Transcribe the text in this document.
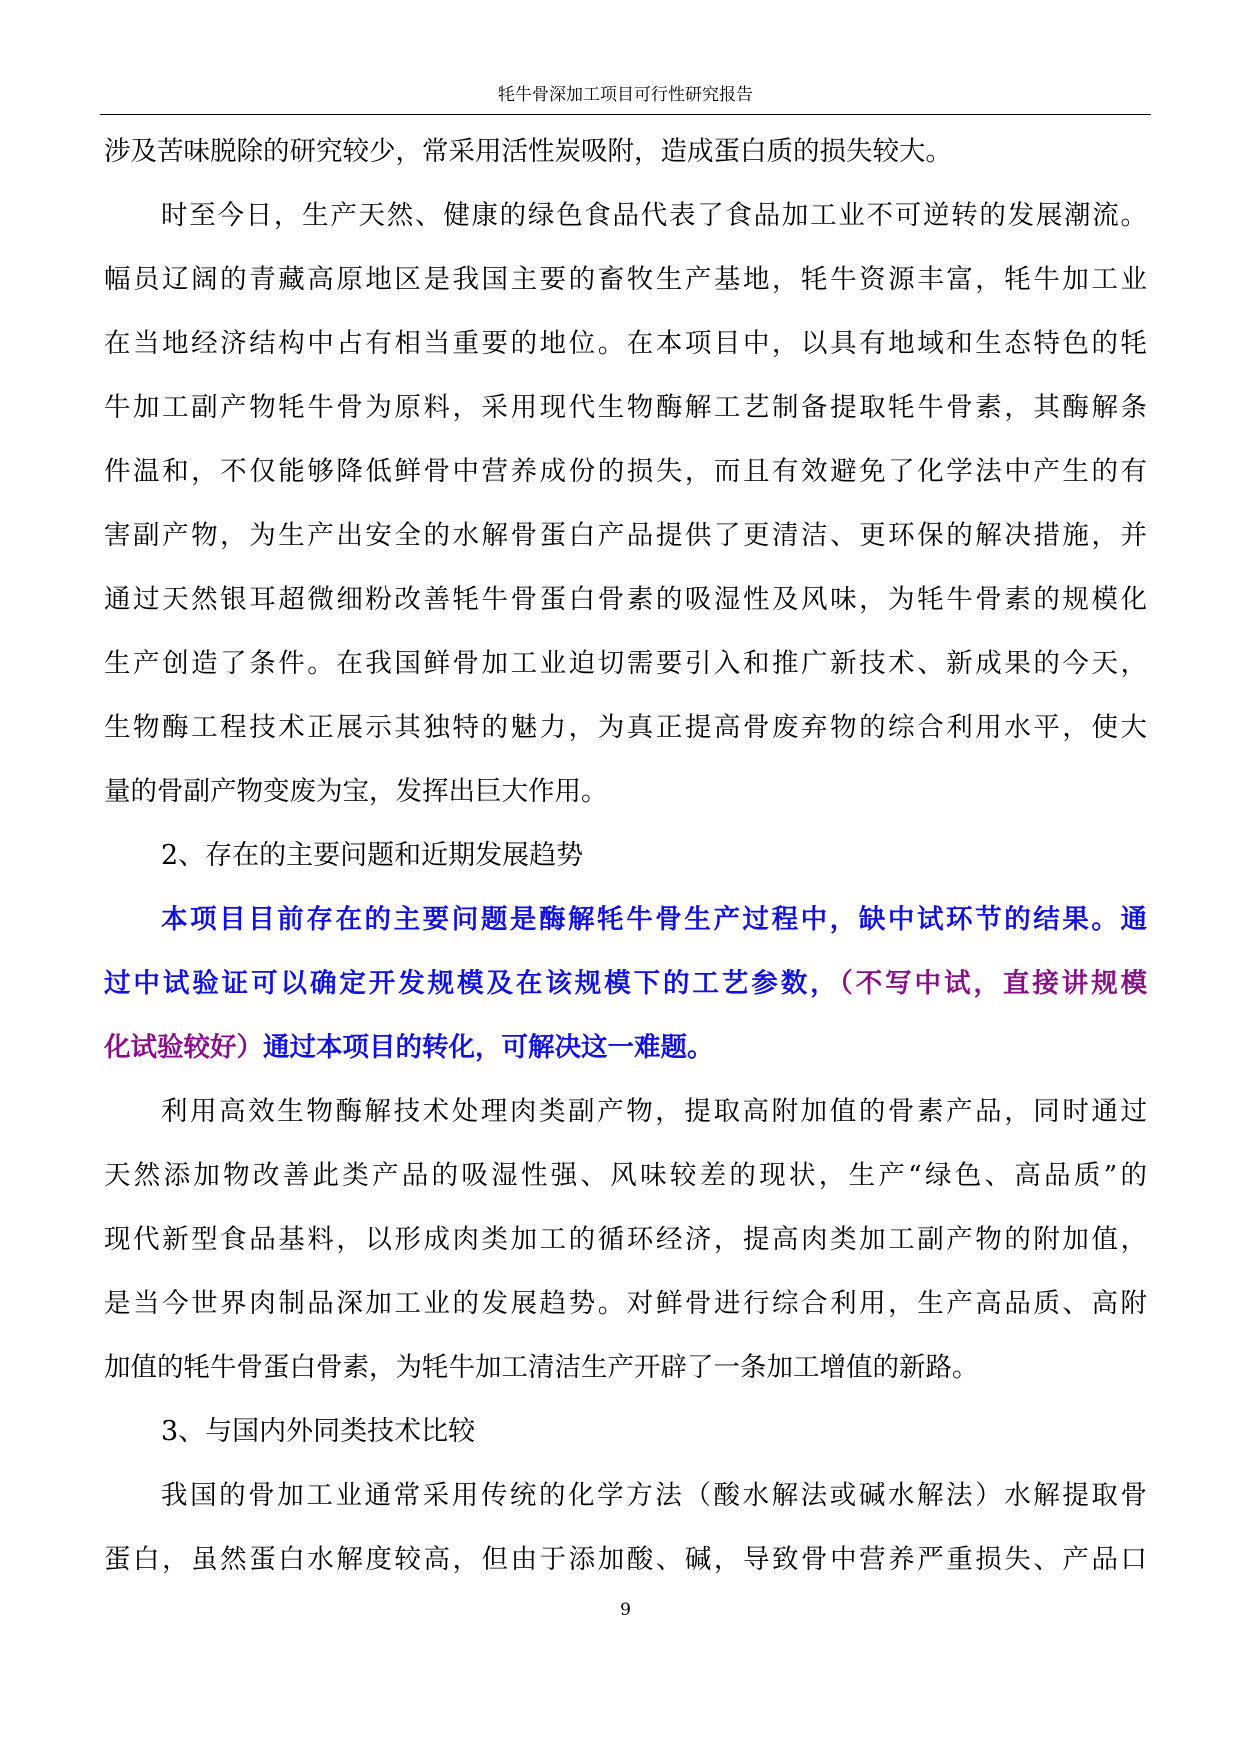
牦牛骨深加工项目可行性研究报告
涉及苦味脱除的研究较少，常采用活性炭吸附，造成蛋白质的损失较大。
时至今日，生产天然、健康的绿色食品代表了食品加工业不可逆转的发展潮流。
幅员辽阔的青藏高原地区是我国主要的畜牧生产基地，牦牛资源丰富，牦牛加工业
在当地经济结构中占有相当重要的地位。在本项目中，以具有地域和生态特色的牦
牛加工副产物牦牛骨为原料，采用现代生物酶解工艺制备提取牦牛骨素，其酶解条
件温和，不仅能够降低鲜骨中营养成份的损失，而且有效避免了化学法中产生的有
害副产物，为生产出安全的水解骨蛋白产品提供了更清洁、更环保的解决措施，并
通过天然银耳超微细粉改善牦牛骨蛋白骨素的吸湿性及风味，为牦牛骨素的规模化
生产创造了条件。在我国鲜骨加工业迫切需要引入和推广新技术、新成果的今天，
生物酶工程技术正展示其独特的魅力，为真正提高骨废弃物的综合利用水平，使大
量的骨副产物变废为宝，发挥出巨大作用。
2、存在的主要问题和近期发展趋势
本项目目前存在的主要问题是酶解牦牛骨生产过程中，缺中试环节的结果。通
过中试验证可以确定开发规模及在该规模下的工艺参数，（不写中试，直接讲规模
化试验较好）通过本项目的转化，可解决这一难题。
利用高效生物酶解技术处理肉类副产物，提取高附加值的骨素产品，同时通过
天然添加物改善此类产品的吸湿性强、风味较差的现状，生产“绿色、高品质”的
现代新型食品基料，以形成肉类加工的循环经济，提高肉类加工副产物的附加值，
是当今世界肉制品深加工业的发展趋势。对鲜骨进行综合利用，生产高品质、高附
加值的牦牛骨蛋白骨素，为牦牛加工清洁生产开辟了一条加工增值的新路。
3、与国内外同类技术比较
我国的骨加工业通常采用传统的化学方法（酸水解法或碱水解法）水解提取骨
蛋白，虽然蛋白水解度较高，但由于添加酸、碱，导致骨中营养严重损失、产品口
9
